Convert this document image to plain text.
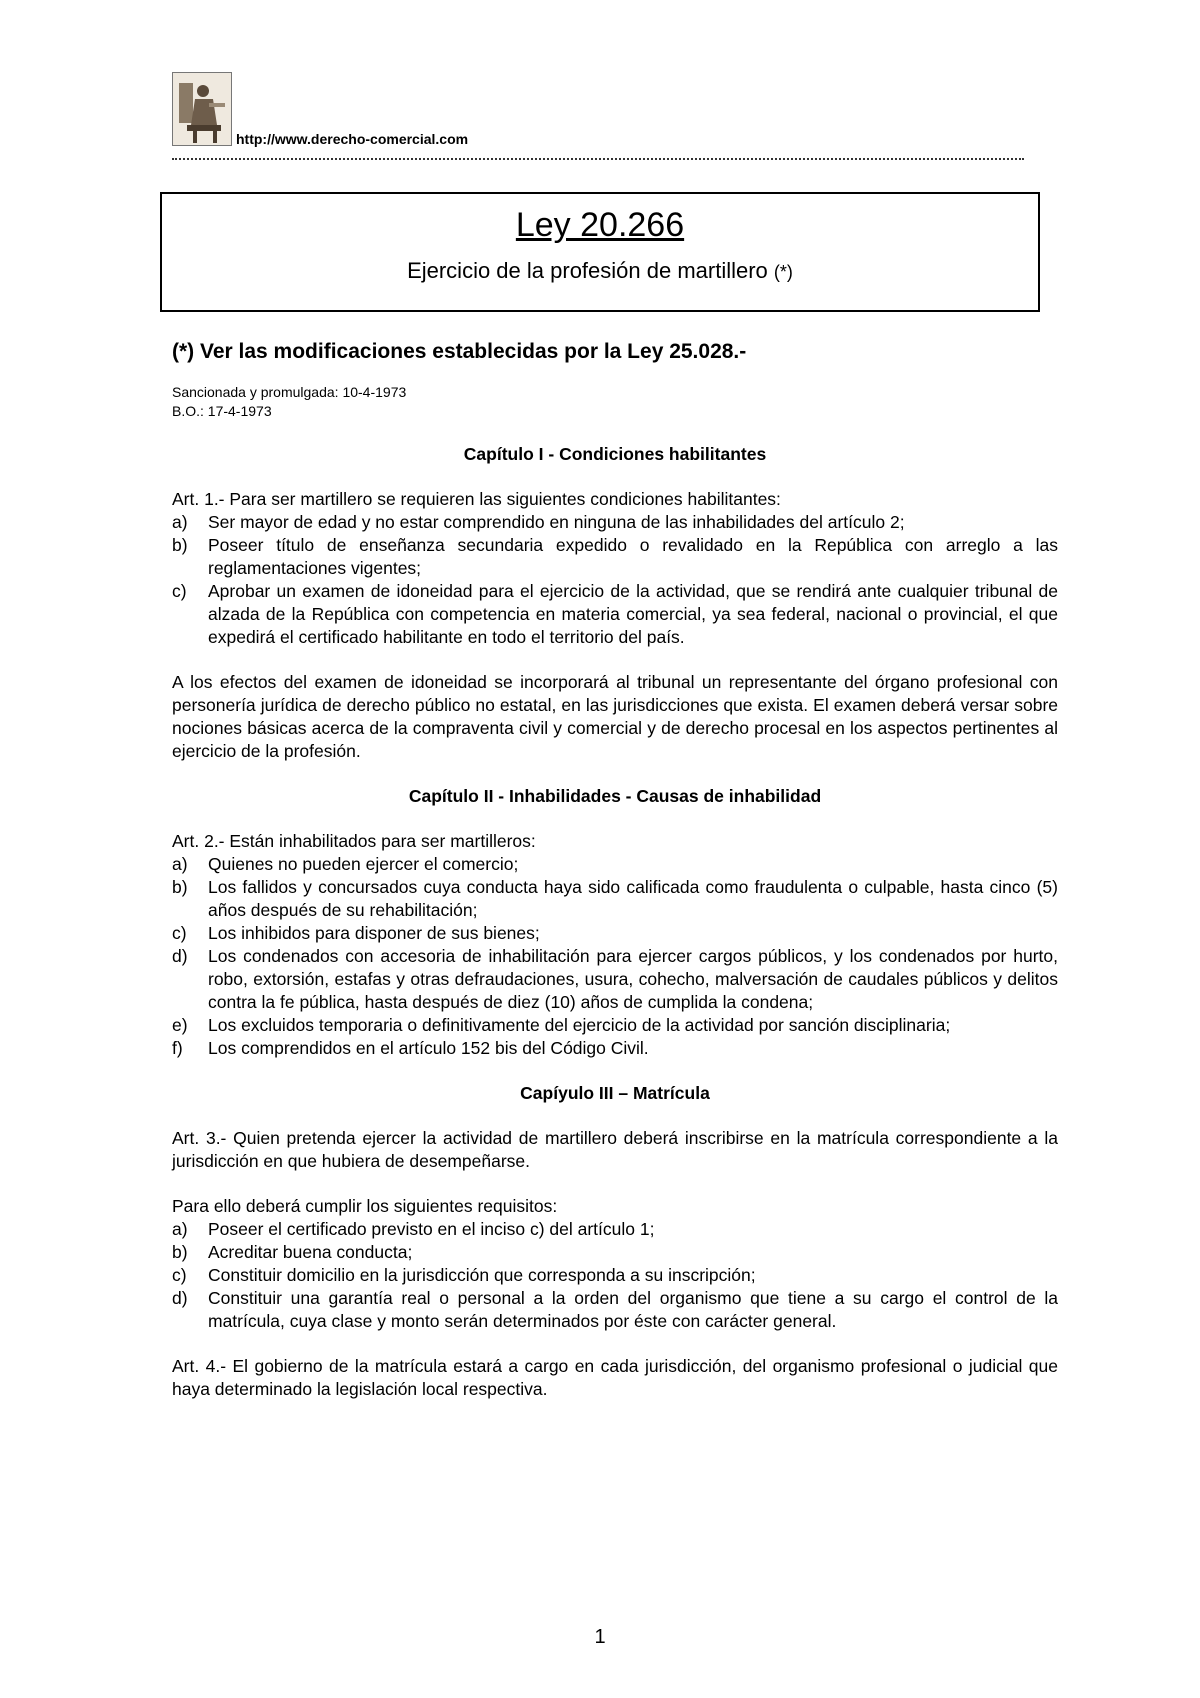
http://www.derecho-comercial.com
Ley 20.266
Ejercicio de la profesión de martillero (*)

(*) Ver las modificaciones establecidas por la Ley 25.028.-

Sancionada y promulgada: 10-4-1973

B.O.: 17-4-1973

Capítulo I - Condiciones habilitantes

Art. 1.- Para ser martillero se requieren las siguientes condiciones habilitantes:

a) Ser mayor de edad y no estar comprendido en ninguna de las inhabilidades del artículo 2;
b) Poseer título de enseñanza secundaria expedido o revalidado en la República con arreglo a las reglamentaciones vigentes;
c) Aprobar un examen de idoneidad para el ejercicio de la actividad, que se rendirá ante cualquier tribunal de alzada de la República con competencia en materia comercial, ya sea federal, nacional o provincial, el que expedirá el certificado habilitante en todo el territorio del país.

A los efectos del examen de idoneidad se incorporará al tribunal un representante del órgano profesional con personería jurídica de derecho público no estatal, en las jurisdicciones que exista. El examen deberá versar sobre nociones básicas acerca de la compraventa civil y comercial y de derecho procesal en los aspectos pertinentes al ejercicio de la profesión.

Capítulo II - Inhabilidades - Causas de inhabilidad

Art. 2.- Están inhabilitados para ser martilleros:

a) Quienes no pueden ejercer el comercio;
b) Los fallidos y concursados cuya conducta haya sido calificada como fraudulenta o culpable, hasta cinco (5) años después de su rehabilitación;
c) Los inhibidos para disponer de sus bienes;
d) Los condenados con accesoria de inhabilitación para ejercer cargos públicos, y los condenados por hurto, robo, extorsión, estafas y otras defraudaciones, usura, cohecho, malversación de caudales públicos y delitos contra la fe pública, hasta después de diez (10) años de cumplida la condena;
e) Los excluidos temporaria o definitivamente del ejercicio de la actividad por sanción disciplinaria;
f) Los comprendidos en el artículo 152 bis del Código Civil.

Capíyulo III – Matrícula

Art. 3.- Quien pretenda ejercer la actividad de martillero deberá inscribirse en la matrícula correspondiente a la jurisdicción en que hubiera de desempeñarse.

Para ello deberá cumplir los siguientes requisitos:

a) Poseer el certificado previsto en el inciso c) del artículo 1;
b) Acreditar buena conducta;
c) Constituir domicilio en la jurisdicción que corresponda a su inscripción;
d) Constituir una garantía real o personal a la orden del organismo que tiene a su cargo el control de la matrícula, cuya clase y monto serán determinados por éste con carácter general.

Art. 4.- El gobierno de la matrícula estará a cargo en cada jurisdicción, del organismo profesional o judicial que haya determinado la legislación local respectiva.

1
